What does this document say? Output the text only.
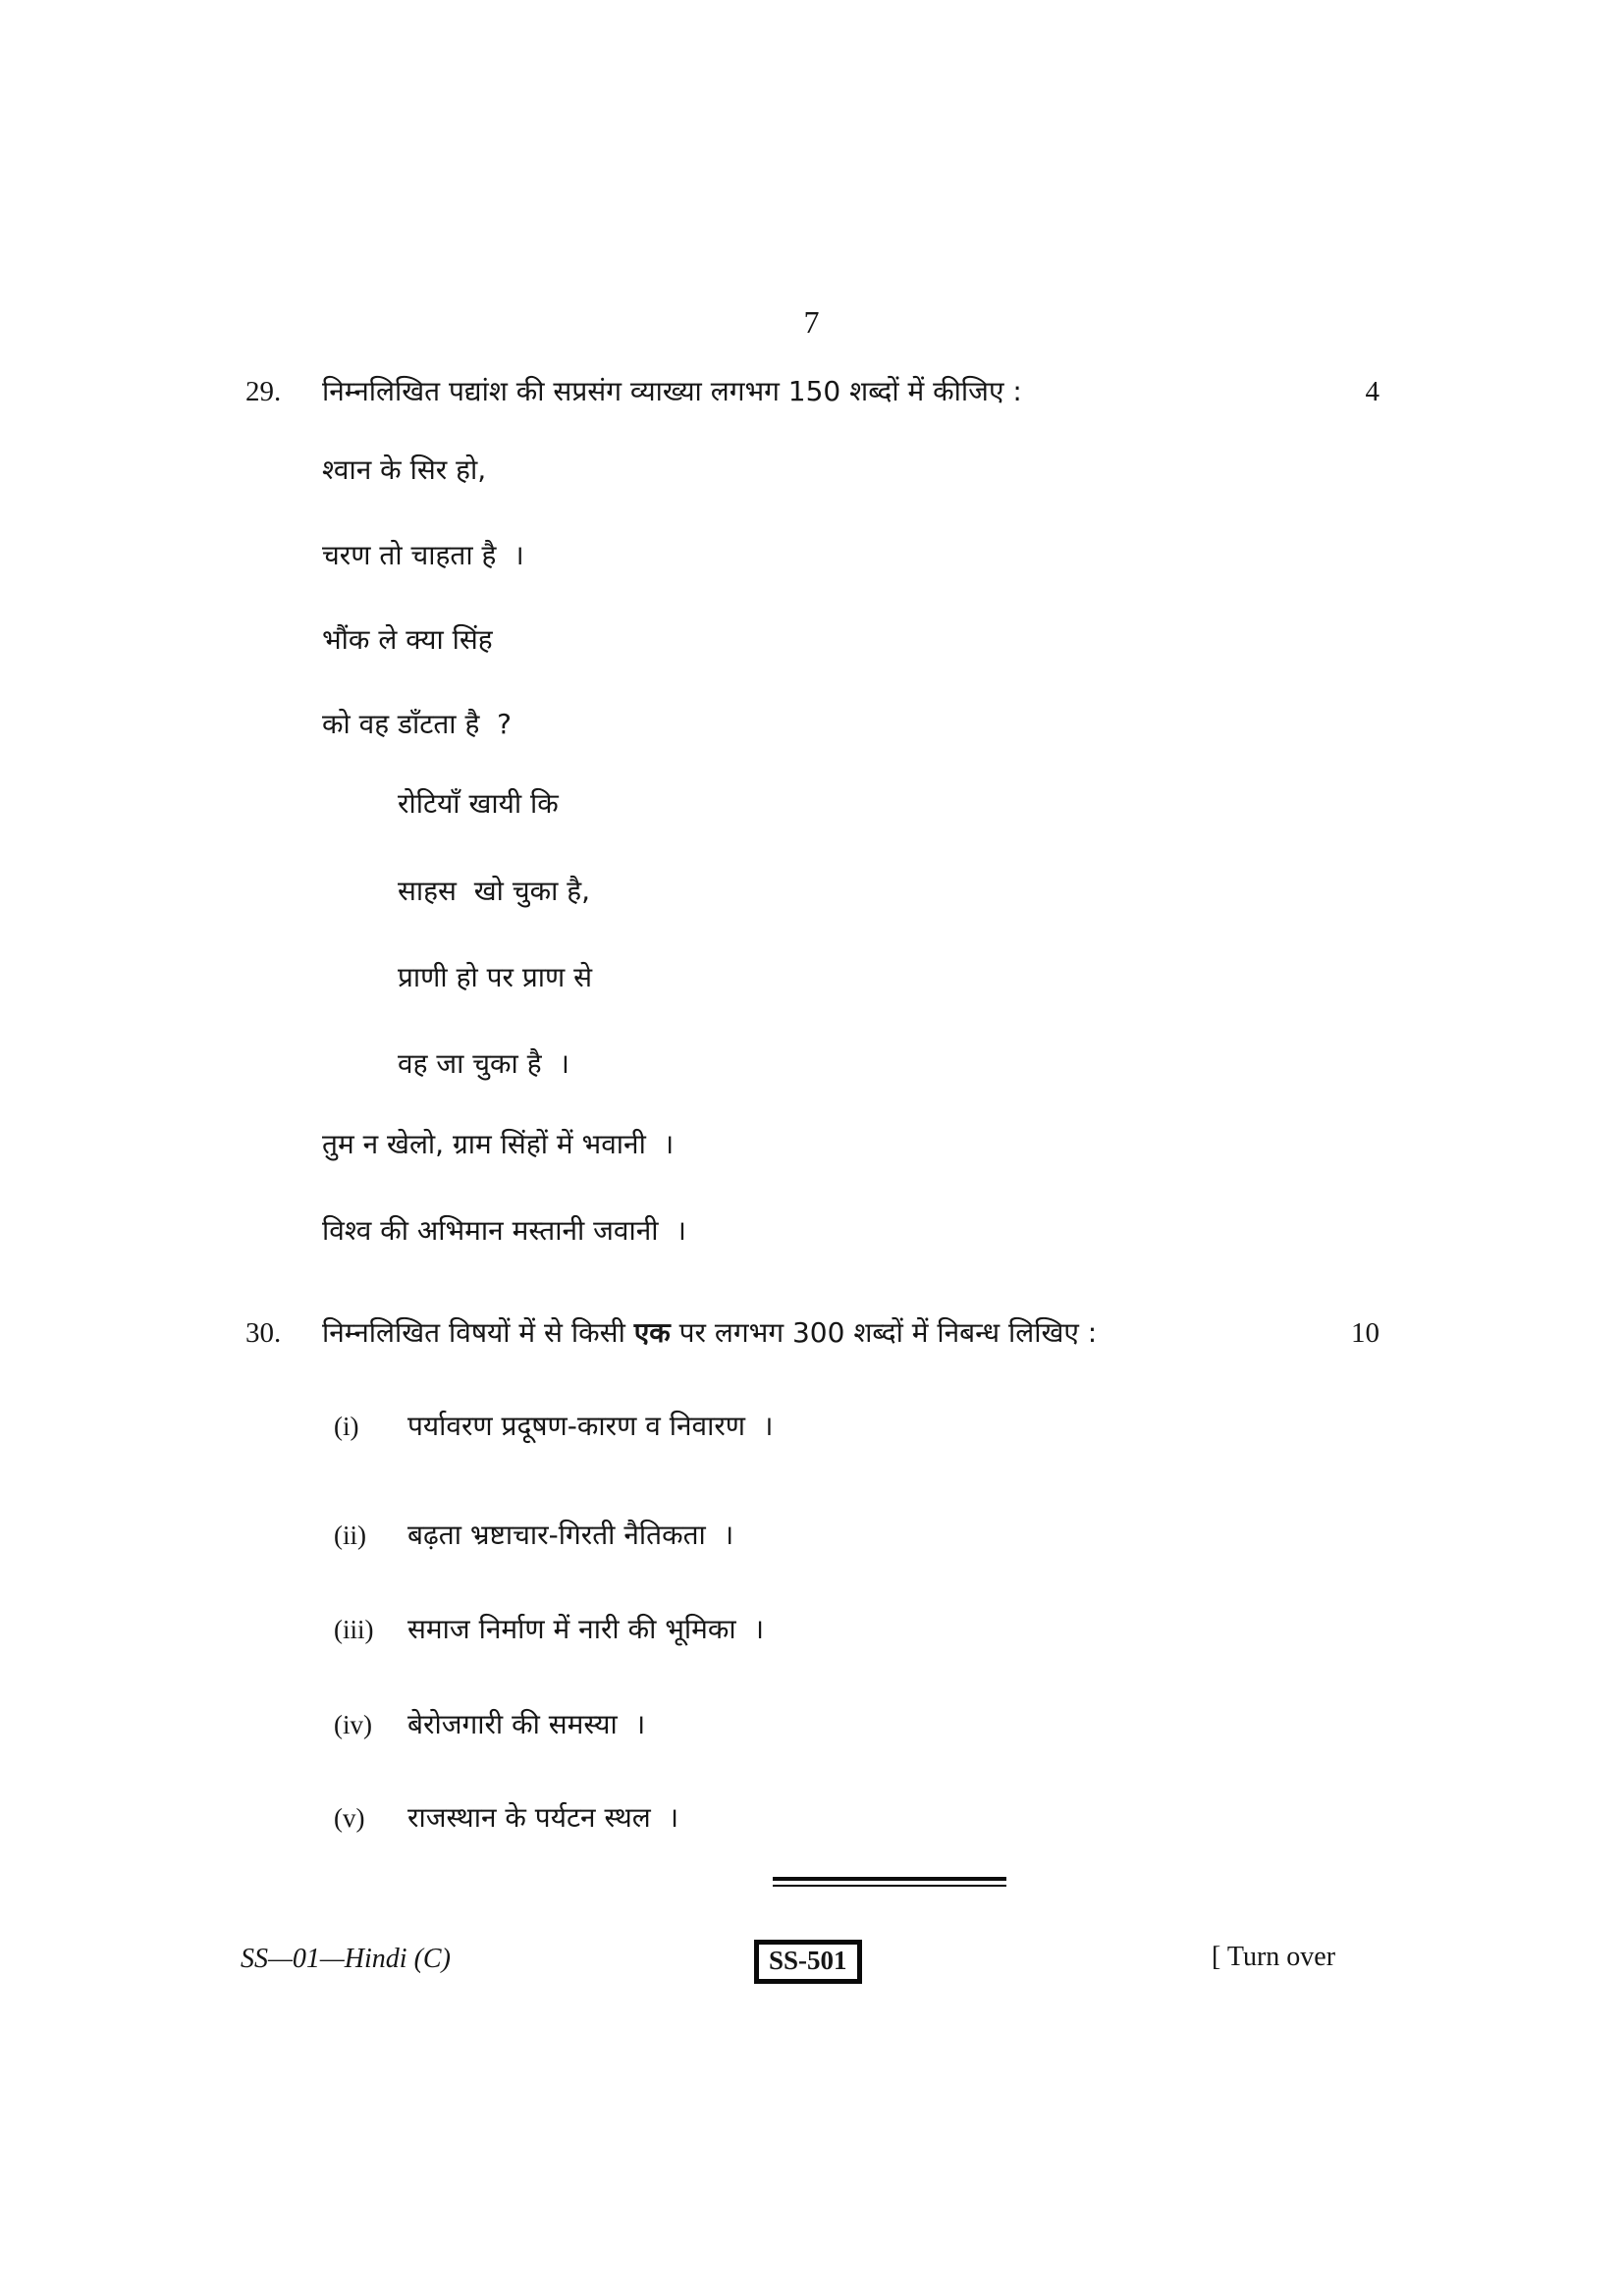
7
29. निम्नलिखित पद्यांश की सप्रसंग व्याख्या लगभग 150 शब्दों में कीजिए :	4
श्वान के सिर हो,
चरण तो चाहता है  ।
भौंक ले क्या सिंह
को वह डाँटता है  ?
रोटियाँ खायी कि
साहस  खो चुका है,
प्राणी हो पर प्राण से
वह जा चुका है  ।
तुम न खेलो, ग्राम सिंहों में भवानी  ।
विश्व की अभिमान मस्तानी जवानी  ।
30. निम्नलिखित विषयों में से किसी एक पर लगभग 300 शब्दों में निबन्ध लिखिए :	10
(i) पर्यावरण प्रदूषण-कारण व निवारण  ।
(ii) बढ़ता भ्रष्टाचार-गिरती नैतिकता  ।
(iii) समाज निर्माण में नारी की भूमिका  ।
(iv) बेरोजगारी की समस्या  ।
(v) राजस्थान के पर्यटन स्थल  ।
SS—01—Hindi (C)	SS-501	[ Turn over
